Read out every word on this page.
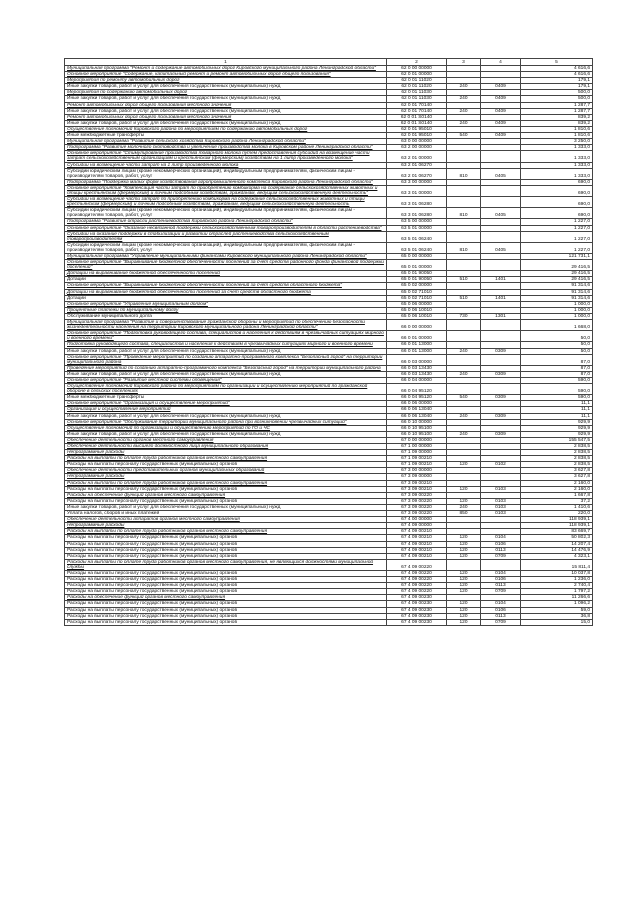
1	2	3	4	5
Муниципальная программа "Ремонт и содержание автомобильных дорог Кировского муниципального района Ленинградской области"	62 0 00 00000			4 616,6
Основное мероприятие "Содержание, капитальный ремонт и ремонт автомобильных дорог общего пользования"	62 0 01 00000			4 616,6
Мероприятия по ремонту автомобильных дорог	62 0 01 11020			179,1
Иные закупки товаров, работ и услуг для обеспечения государственных (муниципальных) нужд	62 0 01 11020	240	0409	179,1
Мероприятия по содержанию автомобильных дорог	62 0 01 11030			500,0
Иные закупки товаров, работ и услуг для обеспечения государственных (муниципальных) нужд	62 0 01 11030	240	0409	500,0
Ремонт автомобильных дорог общего пользования местного значения	62 0 01 70140			1 287,7
Иные закупки товаров, работ и услуг для обеспечения государственных (муниципальных) нужд	62 0 01 70140	240	0409	1 287,7
Ремонт автомобильных дорог общего пользования местного значения	62 0 01 S0140			839,2
Иные закупки товаров, работ и услуг для обеспечения государственных (муниципальных) нужд	62 0 01 S0140	240	0409	839,2
Осуществление полномочий Кировского района по мероприятиям по содержанию автомобильных дорог	62 0 01 95010			1 810,6
Иные межбюджетные трансферты	62 0 01 95010	540	0409	1 810,6
Муниципальная программа "Развитие сельского хозяйства Кировского района Ленинградской области"	63 0 00 00000			3 250,0
Подпрограмма "Развитие молочного скотоводства и увеличение производства молока в Кировском районе Ленинградской области"	63 2 00 00000			1 333,0
Основное мероприятие "Стимулирование производства товарного молока путем предоставления субсидий на возмещение части затрат сельскохозяйственным организациям и крестьянским (фермерским) хозяйствам на 1 литр произведенного молока"	63 2 01 00000			1 333,0
Субсидии на возмещение части затрат на 1 литр произведенного молока	63 2 01 06270			1 333,0
Субсидии юридическим лицам (кроме некоммерческих организаций), индивидуальным предпринимателям, физическим лицам - производителям товаров, работ, услуг	63 2 01 06270	810	0405	1 333,0
Подпрограмма "Поддержка малых форм хозяйствования агропромышленного комплекса Кировского района Ленинградской области"	63 3 00 00000			690,0
Основное мероприятие "Компенсация части затрат по приобретению комбикорма на содержание сельскохозяйственных животных и птицы крестьянским (фермерским) и личным подсобным хозяйствам, гражданам, ведущим сельскохозяйственную деятельность"	63 3 01 00000			690,0
Субсидии на возмещение части затрат по приобретению комбикорма на содержание сельскохозяйственных животных и птицы крестьянским (фермерским) и личным подсобным хозяйствам, гражданам, ведущим сельскохозяйственную деятельность	63 3 01 06280			690,0
Субсидии юридическим лицам (кроме некоммерческих организаций), индивидуальным предпринимателям, физическим лицам - производителям товаров, работ, услуг	63 3 01 06280	810	0405	690,0
Подпрограмма "Развитие отрасли растениеводства Кировского района Ленинградской области"	63 5 00 00000			1 227,0
Основное мероприятие "Оказание несвязанной поддержки сельскохозяйственным товаропроизводителям в области растениеводства"	63 5 01 00000			1 227,0
Субсидии на оказание поддержки в стабилизации и развитии отраслей растениеводства сельскохозяйственным товаропроизводителям	63 5 01 06240			1 227,0
Субсидии юридическим лицам (кроме некоммерческих организаций), индивидуальным предпринимателям, физическим лицам - производителям товаров, работ, услуг	63 5 01 06240	810	0405	1 227,0
Муниципальная программа "Управление муниципальными финансами Кировского муниципального района Ленинградской области"	65 0 00 00000			121 731,1
Основное мероприятие "Выравнивание бюджетной обеспеченности поселений за счет средств районного фонда финансовой поддержки поселений"	65 0 01 00000			29 416,5
Дотации на выравнивание бюджетной обеспеченности поселений	65 0 01 90050			29 416,5
Дотации	65 0 01 90050	510	1401	29 416,5
Основное мероприятие "Выравнивание бюджетной обеспеченности поселений за счет средств областного бюджета"	65 0 02 00000			91 314,6
Дотации на выравнивание бюджетной обеспеченности поселений за счет средств областного бюджета	65 0 02 71010			91 314,6
Дотации	65 0 02 71010	510	1401	91 314,6
Основное мероприятие "Управление муниципальным долгом"	65 0 06 00000			1 000,0
Процентные платежи по муниципальному долгу	65 0 06 10010			1 000,0
Обслуживание муниципального долга	65 0 06 10010	730	1301	1 000,0
Муниципальная программа "Развитие и совершенствование гражданской обороны и мероприятий по обеспечению безопасности жизнедеятельности населения на территории Кировского муниципального района Ленинградской области"	66 0 00 00000			1 668,0
Основное мероприятие "Подготовка руководящего состава, специалистов и населения к действиям в чрезвычайных ситуациях мирного и военного времени"	66 0 01 00000			50,0
Подготовка руководящего состава, специалистов и населения к действиям в чрезвычайных ситуациях мирного и военного времени	66 0 01 13000			50,0
Иные закупки товаров, работ и услуг для обеспечения государственных (муниципальных) нужд	66 0 01 13000	240	0309	50,0
Основное мероприятие "Проведение мероприятий по созданию аппаратно-программного комплекса "Безопасный город" на территории муниципального района	66 0 03 00000			87,0
Проведение мероприятий по созданию аппаратно-программного комплекса "Безопасный город" на территории муниципального района	66 0 03 13430			87,0
Иные закупки товаров, работ и услуг для обеспечения государственных (муниципальных) нужд	66 0 03 13430	240	0309	87,0
Основное мероприятие "Развитие местной системы оповещения"	66 0 04 00000			590,0
Осуществление полномочий Кировского района по мероприятиям по организации и осуществлению мероприятий по гражданской обороне в сельских поселениях	66 0 04 95120			590,0
Иные межбюджетные трансферты	66 0 04 95120	540	0309	590,0
Основное мероприятие "Организация и осуществление мероприятий"	66 0 06 00000			11,1
Организация и осуществление мероприятий	66 0 06 13040			11,1
Иные закупки товаров, работ и услуг для обеспечения государственных (муниципальных) нужд	66 0 06 13040	240	0309	11,1
Основное мероприятие "Обслуживание территории муниципального района при возникновении чрезвычайных ситуаций"	66 0 10 00000			929,9
Осуществление полномочий по организации и осуществлению мероприятий по ГО и ЧС	66 0 10 95100			929,9
Иные закупки товаров, работ и услуг для обеспечения государственных (муниципальных) нужд	66 0 10 95100	240	0309	929,9
Обеспечение деятельности органов местного самоуправления	67 0 00 00000			155 547,5
Обеспечение деятельности высшего должностного лица муниципального образования	67 1 00 00000			2 838,5
Непрограммные расходы	67 1 09 00000			2 838,5
Расходы на выплаты по оплате труда работников органов местного самоуправления	67 1 09 00210			2 838,5
Расходы на выплаты персоналу государственных (муниципальных) органов	67 1 09 00210	120	0102	2 838,5
Обеспечение деятельности представительных органов муниципальных образований	67 3 00 00000			3 627,8
Непрограммные расходы	67 3 09 00000			3 627,8
Расходы на выплаты по оплате труда работников органов местного самоуправления	67 3 09 00210			2 160,0
Расходы на выплаты персоналу государственных (муниципальных) органов	67 3 09 00210	120	0103	2 160,0
Расходы на обеспечение функций органов местного самоуправления	67 3 09 00220			1 667,8
Расходы на выплаты персоналу государственных (муниципальных) органов	67 3 09 00220	120	0103	37,2
Иные закупки товаров, работ и услуг для обеспечения государственных (муниципальных) нужд	67 3 09 00220	240	0103	1 410,6
Уплата налогов, сборов и иных платежей	67 3 09 00220	850	0103	220,0
Обеспечение деятельности аппаратов органов местного самоуправления	67 4 00 00000			118 939,1
Непрограммные расходы	67 4 09 00000			118 939,1
Расходы на выплаты по оплате труда работников органов местного самоуправления	67 4 09 00210			83 669,7
Расходы на выплаты персоналу государственных (муниципальных) органов	67 4 09 00210	120	0104	50 802,3
Расходы на выплаты персоналу государственных (муниципальных) органов	67 4 09 00210	120	0106	14 207,4
Расходы на выплаты персоналу государственных (муниципальных) органов	67 4 09 00210	120	0113	14 476,9
Расходы на выплаты персоналу государственных (муниципальных) органов	67 4 09 00210	120	0709	4 323,1
Расходы на выплаты по оплате труда работников органов местного самоуправления, не являющихся должностями муниципальной службы	67 4 09 00220			15 811,4
Расходы на выплаты персоналу государственных (муниципальных) органов	67 4 09 00220	120	0104	10 037,8
Расходы на выплаты персоналу государственных (муниципальных) органов	67 4 09 00220	120	0106	1 236,0
Расходы на выплаты персоналу государственных (муниципальных) органов	67 4 09 00220	120	0113	2 740,4
Расходы на выплаты персоналу государственных (муниципальных) органов	67 4 09 00220	120	0709	1 797,2
Расходы на обеспечение функций органов местного самоуправления	67 4 09 00230			11 266,6
Расходы на выплаты персоналу государственных (муниципальных) органов	67 4 09 00230	120	0104	1 096,2
Расходы на выплаты персоналу государственных (муниципальных) органов	67 4 09 00230	120	0106	59,0
Расходы на выплаты персоналу государственных (муниципальных) органов	67 4 09 00230	120	0113	36,8
Расходы на выплаты персоналу государственных (муниципальных) органов	67 4 09 00230	120	0709	15,0
